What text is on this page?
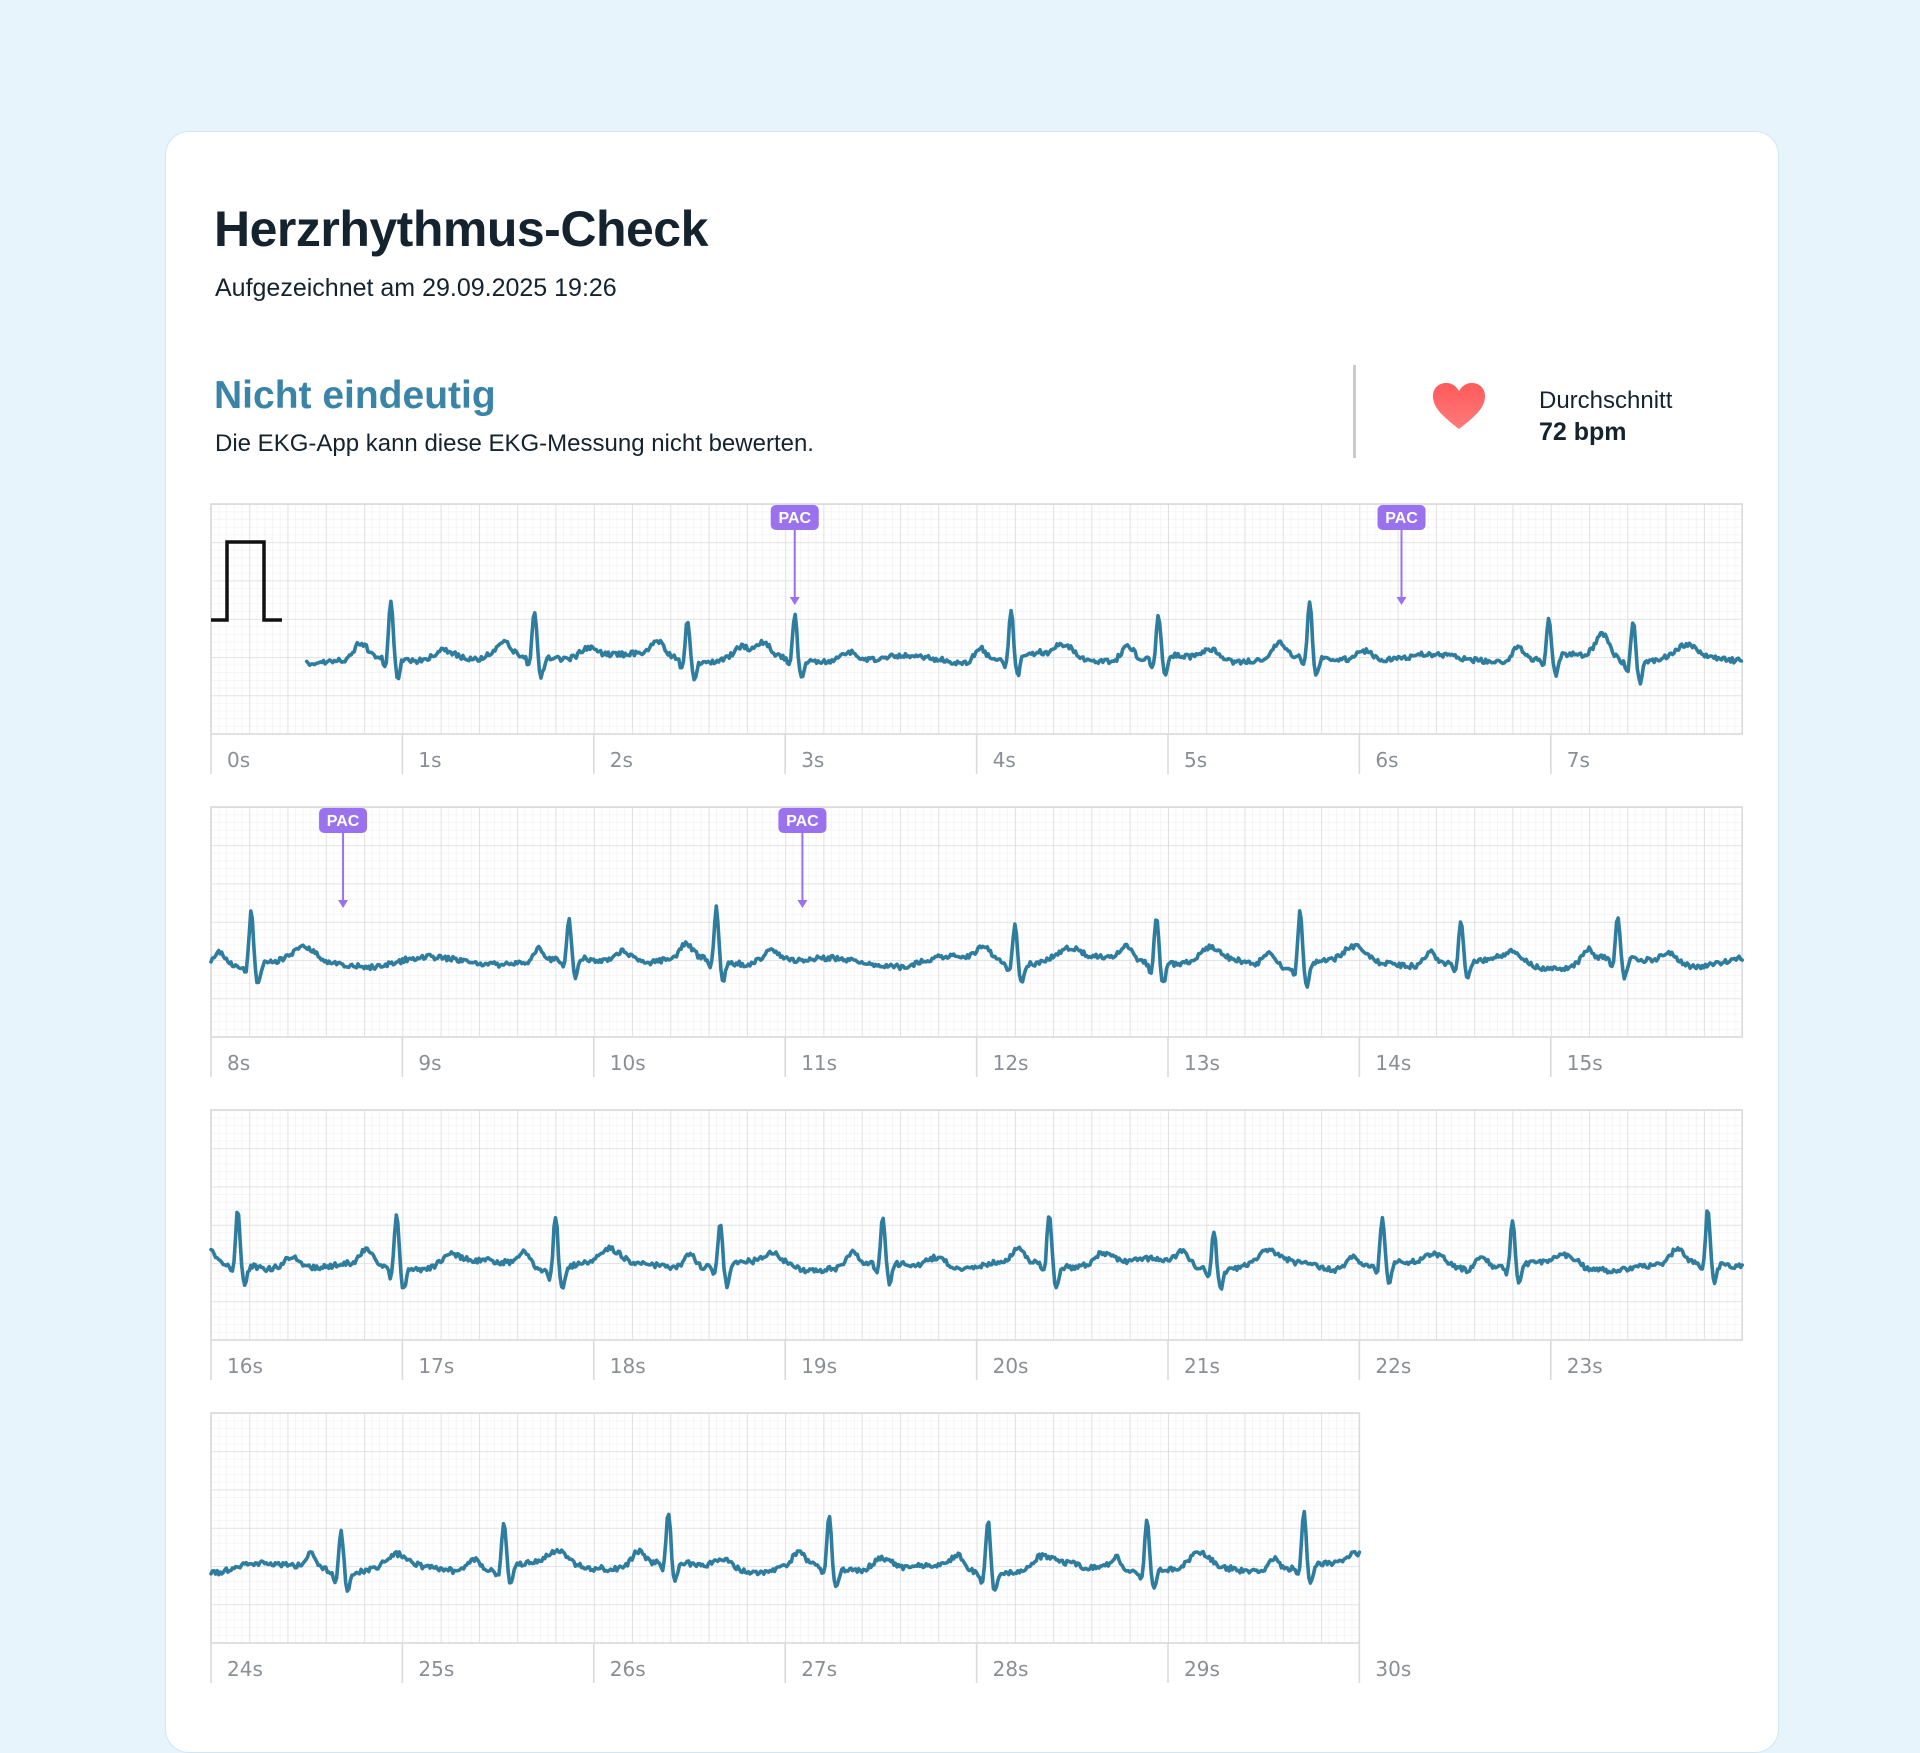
Herzrhythmus-Check
Aufgezeichnet am 29.09.2025 19:26
Nicht eindeutig
Die EKG-App kann diese EKG-Messung nicht bewerten.
Durchschnitt
72 bpm
0s	1s	2s	3s	4s	5s	6s	7s
PAC	PAC
8s	9s	10s	11s	12s	13s	14s	15s
PAC	PAC
16s	17s	18s	19s	20s	21s	22s	23s
24s	25s	26s	27s	28s	29s	30s
